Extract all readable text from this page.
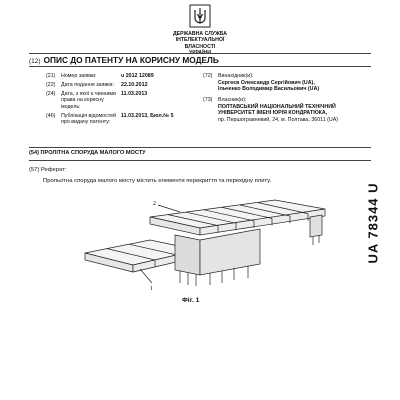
ДЕРЖАВНА СЛУЖБА
ІНТЕЛЕКТУАЛЬНОЇ
ВЛАСНОСТІ
УКРАЇНИ
(12) ОПИС ДО ПАТЕНТУ НА КОРИСНУ МОДЕЛЬ
(21) Номер заявки:	u 2012 12089
(22) Дата подання заявки:	22.10.2012
(24) Дата, з якої є чинними права на корисну модель:
11.03.2013
(46) Публікація відомостей про видачу патенту:
11.03.2013, Бюл.№ 5
(72) Винахідник(и):
Сергеєв Олександр Сергійович (UA),
Ільченко Володимир Васильович (UA)
(73) Власник(и):
ПОЛТАВСЬКИЙ НАЦІОНАЛЬНИЙ ТЕХНІЧНИЙ УНІВЕРСИТЕТ ІМЕНІ ЮРІЯ КОНДРАТЮКА,
пр. Першотравневий, 24, м. Полтава, 36011 (UA)
(54) ПРОЛІТНА СПОРУДА МАЛОГО МОСТУ
(57) Реферат:
Прольотна споруда малого мосту містить елементи перекриття та перехідну плиту.
2
1
Фіг. 1
UA 78344 U
